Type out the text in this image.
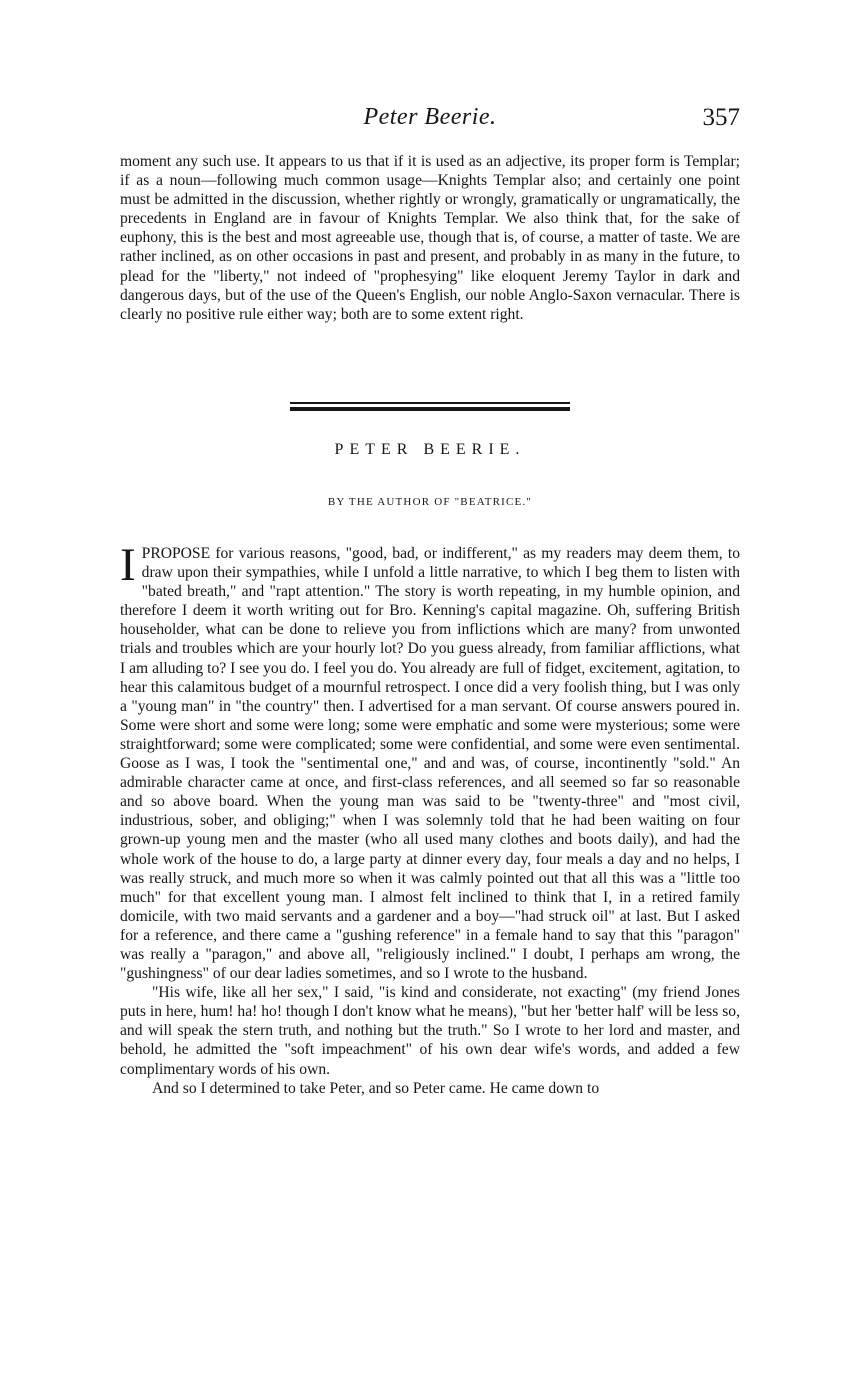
Peter Beerie.	357

moment any such use. It appears to us that if it is used as an adjective, its proper form is Templar; if as a noun—following much common usage—Knights Templar also; and certainly one point must be admitted in the discussion, whether rightly or wrongly, gramatically or ungramatically, the precedents in England are in favour of Knights Templar. We also think that, for the sake of euphony, this is the best and most agreeable use, though that is, of course, a matter of taste. We are rather inclined, as on other occasions in past and present, and probably in as many in the future, to plead for the "liberty," not indeed of "prophesying" like eloquent Jeremy Taylor in dark and dangerous days, but of the use of the Queen's English, our noble Anglo-Saxon vernacular. There is clearly no positive rule either way; both are to some extent right.

PETER BEERIE.
BY THE AUTHOR OF "BEATRICE."

IPROPOSE for various reasons, "good, bad, or indifferent," as my readers may deem them, to draw upon their sympathies, while I unfold a little narrative, to which I beg them to listen with "bated breath," and "rapt attention." The story is worth repeating, in my humble opinion, and therefore I deem it worth writing out for Bro. Kenning's capital magazine. Oh, suffering British householder, what can be done to relieve you from inflictions which are many? from unwonted trials and troubles which are your hourly lot? Do you guess already, from familiar afflictions, what I am alluding to? I see you do. I feel you do. You already are full of fidget, excitement, agitation, to hear this calamitous budget of a mournful retrospect. I once did a very foolish thing, but I was only a "young man" in "the country" then. I advertised for a man servant. Of course answers poured in. Some were short and some were long; some were emphatic and some were mysterious; some were straightforward; some were complicated; some were confidential, and some were even sentimental. Goose as I was, I took the "sentimental one," and and was, of course, incontinently "sold." An admirable character came at once, and first-class references, and all seemed so far so reasonable and so above board. When the young man was said to be "twenty-three" and "most civil, industrious, sober, and obliging;" when I was solemnly told that he had been waiting on four grown-up young men and the master (who all used many clothes and boots daily), and had the whole work of the house to do, a large party at dinner every day, four meals a day and no helps, I was really struck, and much more so when it was calmly pointed out that all this was a "little too much" for that excellent young man. I almost felt inclined to think that I, in a retired family domicile, with two maid servants and a gardener and a boy—"had struck oil" at last. But I asked for a reference, and there came a "gushing reference" in a female hand to say that this "paragon" was really a "paragon," and above all, "religiously inclined." I doubt, I perhaps am wrong, the "gushingness" of our dear ladies sometimes, and so I wrote to the husband.

"His wife, like all her sex," I said, "is kind and considerate, not exacting" (my friend Jones puts in here, hum! ha! ho! though I don't know what he means), "but her 'better half' will be less so, and will speak the stern truth, and nothing but the truth." So I wrote to her lord and master, and behold, he admitted the "soft impeachment" of his own dear wife's words, and added a few complimentary words of his own.

And so I determined to take Peter, and so Peter came. He came down to
